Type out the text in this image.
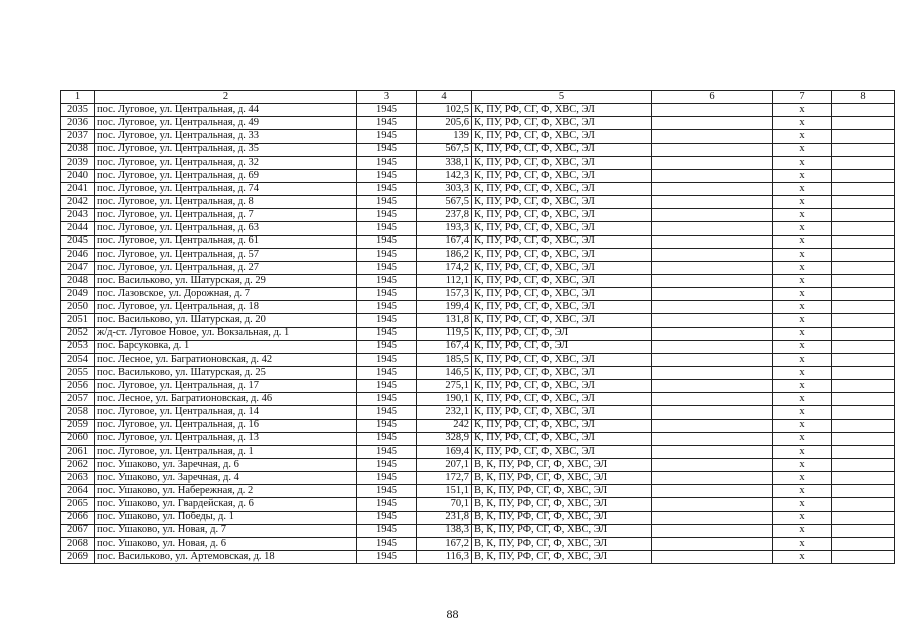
1	2	3	4	5	6	7	8
2035	пос. Луговое, ул. Центральная, д. 44	1945	102,5	К, ПУ, РФ, СГ, Ф, ХВС, ЭЛ		х	
2036	пос. Луговое, ул. Центральная, д. 49	1945	205,6	К, ПУ, РФ, СГ, Ф, ХВС, ЭЛ		х	
2037	пос. Луговое, ул. Центральная, д. 33	1945	139	К, ПУ, РФ, СГ, Ф, ХВС, ЭЛ		х	
2038	пос. Луговое, ул. Центральная, д. 35	1945	567,5	К, ПУ, РФ, СГ, Ф, ХВС, ЭЛ		х	
2039	пос. Луговое, ул. Центральная, д. 32	1945	338,1	К, ПУ, РФ, СГ, Ф, ХВС, ЭЛ		х	
2040	пос. Луговое, ул. Центральная, д. 69	1945	142,3	К, ПУ, РФ, СГ, Ф, ХВС, ЭЛ		х	
2041	пос. Луговое, ул. Центральная, д. 74	1945	303,3	К, ПУ, РФ, СГ, Ф, ХВС, ЭЛ		х	
2042	пос. Луговое, ул. Центральная, д. 8	1945	567,5	К, ПУ, РФ, СГ, Ф, ХВС, ЭЛ		х	
2043	пос. Луговое, ул. Центральная, д. 7	1945	237,8	К, ПУ, РФ, СГ, Ф, ХВС, ЭЛ		х	
2044	пос. Луговое, ул. Центральная, д. 63	1945	193,3	К, ПУ, РФ, СГ, Ф, ХВС, ЭЛ		х	
2045	пос. Луговое, ул. Центральная, д. 61	1945	167,4	К, ПУ, РФ, СГ, Ф, ХВС, ЭЛ		х	
2046	пос. Луговое, ул. Центральная, д. 57	1945	186,2	К, ПУ, РФ, СГ, Ф, ХВС, ЭЛ		х	
2047	пос. Луговое, ул. Центральная, д. 27	1945	174,2	К, ПУ, РФ, СГ, Ф, ХВС, ЭЛ		х	
2048	пос. Васильково, ул. Шатурская, д. 29	1945	112,1	К, ПУ, РФ, СГ, Ф, ХВС, ЭЛ		х	
2049	пос. Лазовское, ул. Дорожная, д. 7	1945	157,3	К, ПУ, РФ, СГ, Ф, ХВС, ЭЛ		х	
2050	пос. Луговое, ул. Центральная, д. 18	1945	199,4	К, ПУ, РФ, СГ, Ф, ХВС, ЭЛ		х	
2051	пос. Васильково, ул. Шатурская, д. 20	1945	131,8	К, ПУ, РФ, СГ, Ф, ХВС, ЭЛ		х	
2052	ж/д-ст. Луговое Новое, ул. Вокзальная, д. 1	1945	119,5	К, ПУ, РФ, СГ, Ф, ЭЛ		х	
2053	пос. Барсуковка, д. 1	1945	167,4	К, ПУ, РФ, СГ, Ф, ЭЛ		х	
2054	пос. Лесное, ул. Багратионовская, д. 42	1945	185,5	К, ПУ, РФ, СГ, Ф, ХВС, ЭЛ		х	
2055	пос. Васильково, ул. Шатурская, д. 25	1945	146,5	К, ПУ, РФ, СГ, Ф, ХВС, ЭЛ		х	
2056	пос. Луговое, ул. Центральная, д. 17	1945	275,1	К, ПУ, РФ, СГ, Ф, ХВС, ЭЛ		х	
2057	пос. Лесное, ул. Багратионовская, д. 46	1945	190,1	К, ПУ, РФ, СГ, Ф, ХВС, ЭЛ		х	
2058	пос. Луговое, ул. Центральная, д. 14	1945	232,1	К, ПУ, РФ, СГ, Ф, ХВС, ЭЛ		х	
2059	пос. Луговое, ул. Центральная, д. 16	1945	242	К, ПУ, РФ, СГ, Ф, ХВС, ЭЛ		х	
2060	пос. Луговое, ул. Центральная, д. 13	1945	328,9	К, ПУ, РФ, СГ, Ф, ХВС, ЭЛ		х	
2061	пос. Луговое, ул. Центральная, д. 1	1945	169,4	К, ПУ, РФ, СГ, Ф, ХВС, ЭЛ		х	
2062	пос. Ушаково, ул. Заречная, д. 6	1945	207,1	В, К, ПУ, РФ, СГ, Ф, ХВС, ЭЛ		х	
2063	пос. Ушаково, ул. Заречная, д. 4	1945	172,7	В, К, ПУ, РФ, СГ, Ф, ХВС, ЭЛ		х	
2064	пос. Ушаково, ул. Набережная, д. 2	1945	151,1	В, К, ПУ, РФ, СГ, Ф, ХВС, ЭЛ		х	
2065	пос. Ушаково, ул. Гвардейская, д. 6	1945	70,1	В, К, ПУ, РФ, СГ, Ф, ХВС, ЭЛ		х	
2066	пос. Ушаково, ул. Победы, д. 1	1945	231,8	В, К, ПУ, РФ, СГ, Ф, ХВС, ЭЛ		х	
2067	пос. Ушаково, ул. Новая, д. 7	1945	138,3	В, К, ПУ, РФ, СГ, Ф, ХВС, ЭЛ		х	
2068	пос. Ушаково, ул. Новая, д. 6	1945	167,2	В, К, ПУ, РФ, СГ, Ф, ХВС, ЭЛ		х	
2069	пос. Васильково, ул. Артемовская, д. 18	1945	116,3	В, К, ПУ, РФ, СГ, Ф, ХВС, ЭЛ		х	
88
